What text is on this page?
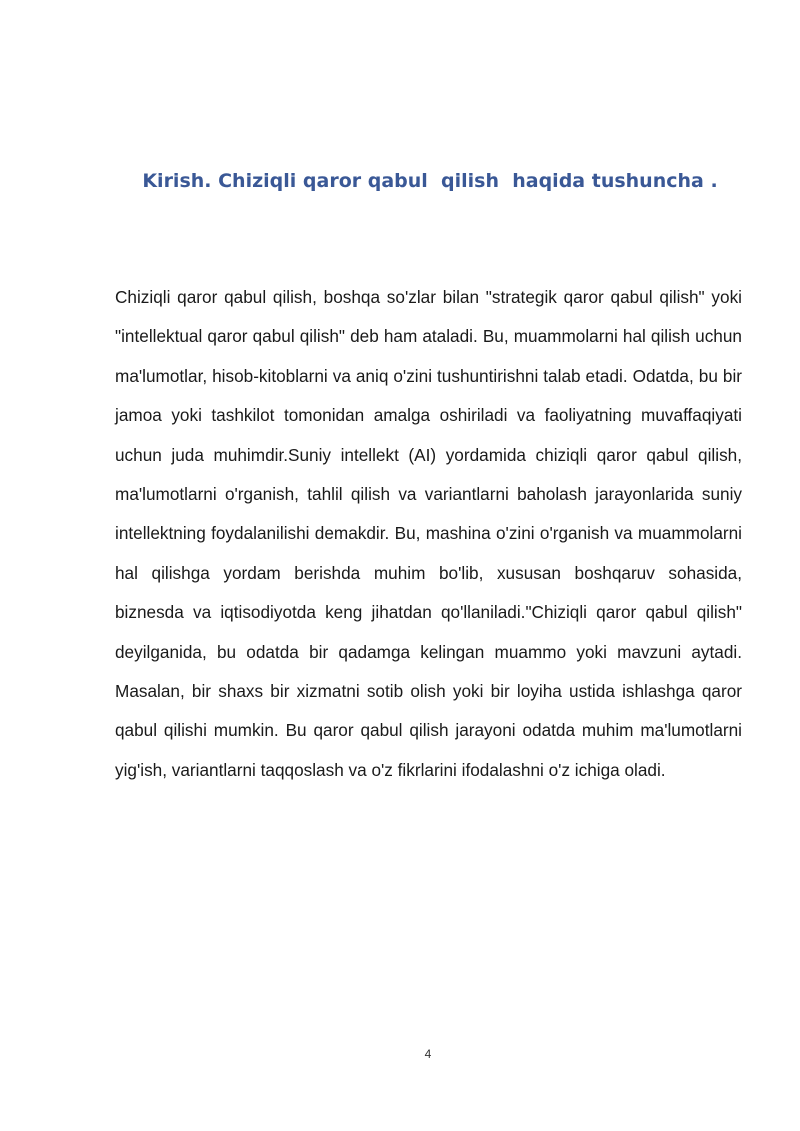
Kirish. Chiziqli qaror qabul  qilish  haqida tushuncha .

Chiziqli qaror qabul qilish, boshqa so'zlar bilan "strategik qaror qabul qilish" yoki "intellektual qaror qabul qilish" deb ham ataladi. Bu, muammolarni hal qilish uchun ma'lumotlar, hisob-kitoblarni va aniq o'zini tushuntirishni talab etadi. Odatda, bu bir jamoa yoki tashkilot tomonidan amalga oshiriladi va faoliyatning muvaffaqiyati uchun juda muhimdir.Suniy intellekt (AI) yordamida chiziqli qaror qabul qilish, ma'lumotlarni o'rganish, tahlil qilish va variantlarni baholash jarayonlarida suniy intellektning foydalanilishi demakdir. Bu, mashina o'zini o'rganish va muammolarni hal qilishga yordam berishda muhim bo'lib, xususan boshqaruv sohasida, biznesda va iqtisodiyotda keng jihatdan qo'llaniladi."Chiziqli qaror qabul qilish" deyilganida, bu odatda bir qadamga kelingan muammo yoki mavzuni aytadi. Masalan, bir shaxs bir xizmatni sotib olish yoki bir loyiha ustida ishlashga qaror qabul qilishi mumkin. Bu qaror qabul qilish jarayoni odatda muhim ma'lumotlarni yig'ish, variantlarni taqqoslash va o'z fikrlarini ifodalashni o'z ichiga oladi.

4
